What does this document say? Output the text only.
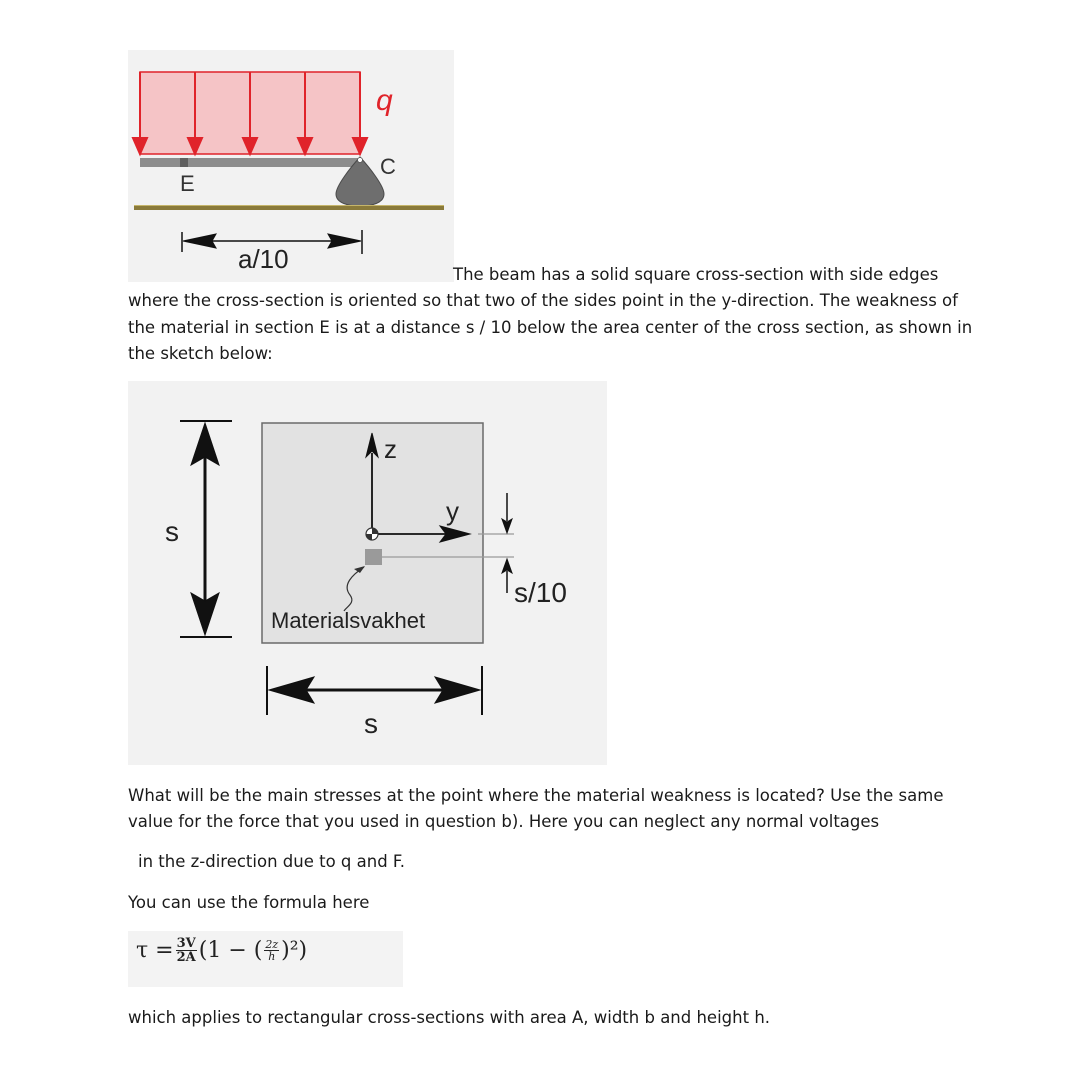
q
E
C
a/10
The beam has a solid square cross-section with side edges
where the cross-section is oriented so that two of the sides point in the y-direction. The weakness of
the material in section E is at a distance s / 10 below the area center of the cross section, as shown in
the sketch below:
s
z
y
s/10
Materialsvakhet
s
What will be the main stresses at the point where the material weakness is located? Use the same
value for the force that you used in question b). Here you can neglect any normal voltages
in the z-direction due to q and F.
You can use the formula here
$\tau = \frac{3V}{2A} (1$ − ( $\frac{2z}{h} )^2$)
which applies to rectangular cross-sections with area A, width b and height h.
